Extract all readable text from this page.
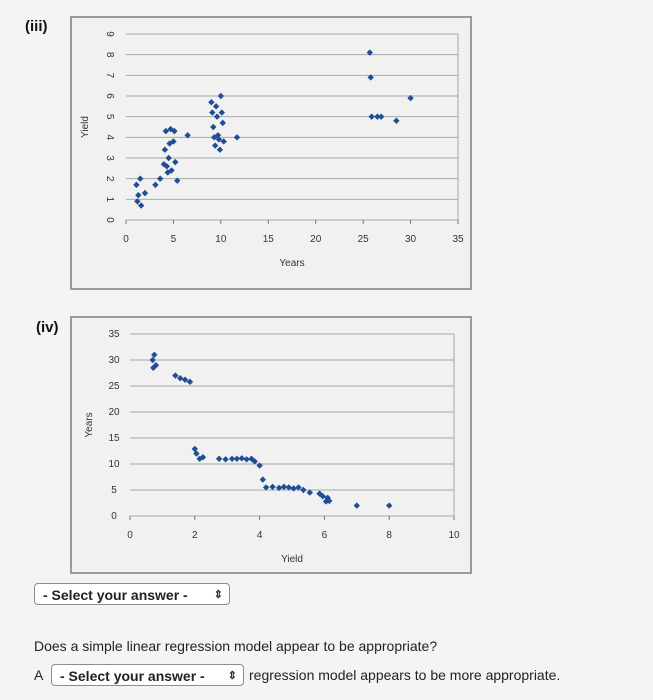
(iii)
0
1
2
3
4
5
6
7
8
9
0	5	10	15	20	25	30	35
Years
Yield
(iv)
0
5
10
15
20
25
30
35
0	2	4	6	8	10
Yield
Years
- Select your answer - ⇕
Does a simple linear regression model appear to be appropriate?
A	- Select your answer - ⇕ regression model appears to be more appropriate.
